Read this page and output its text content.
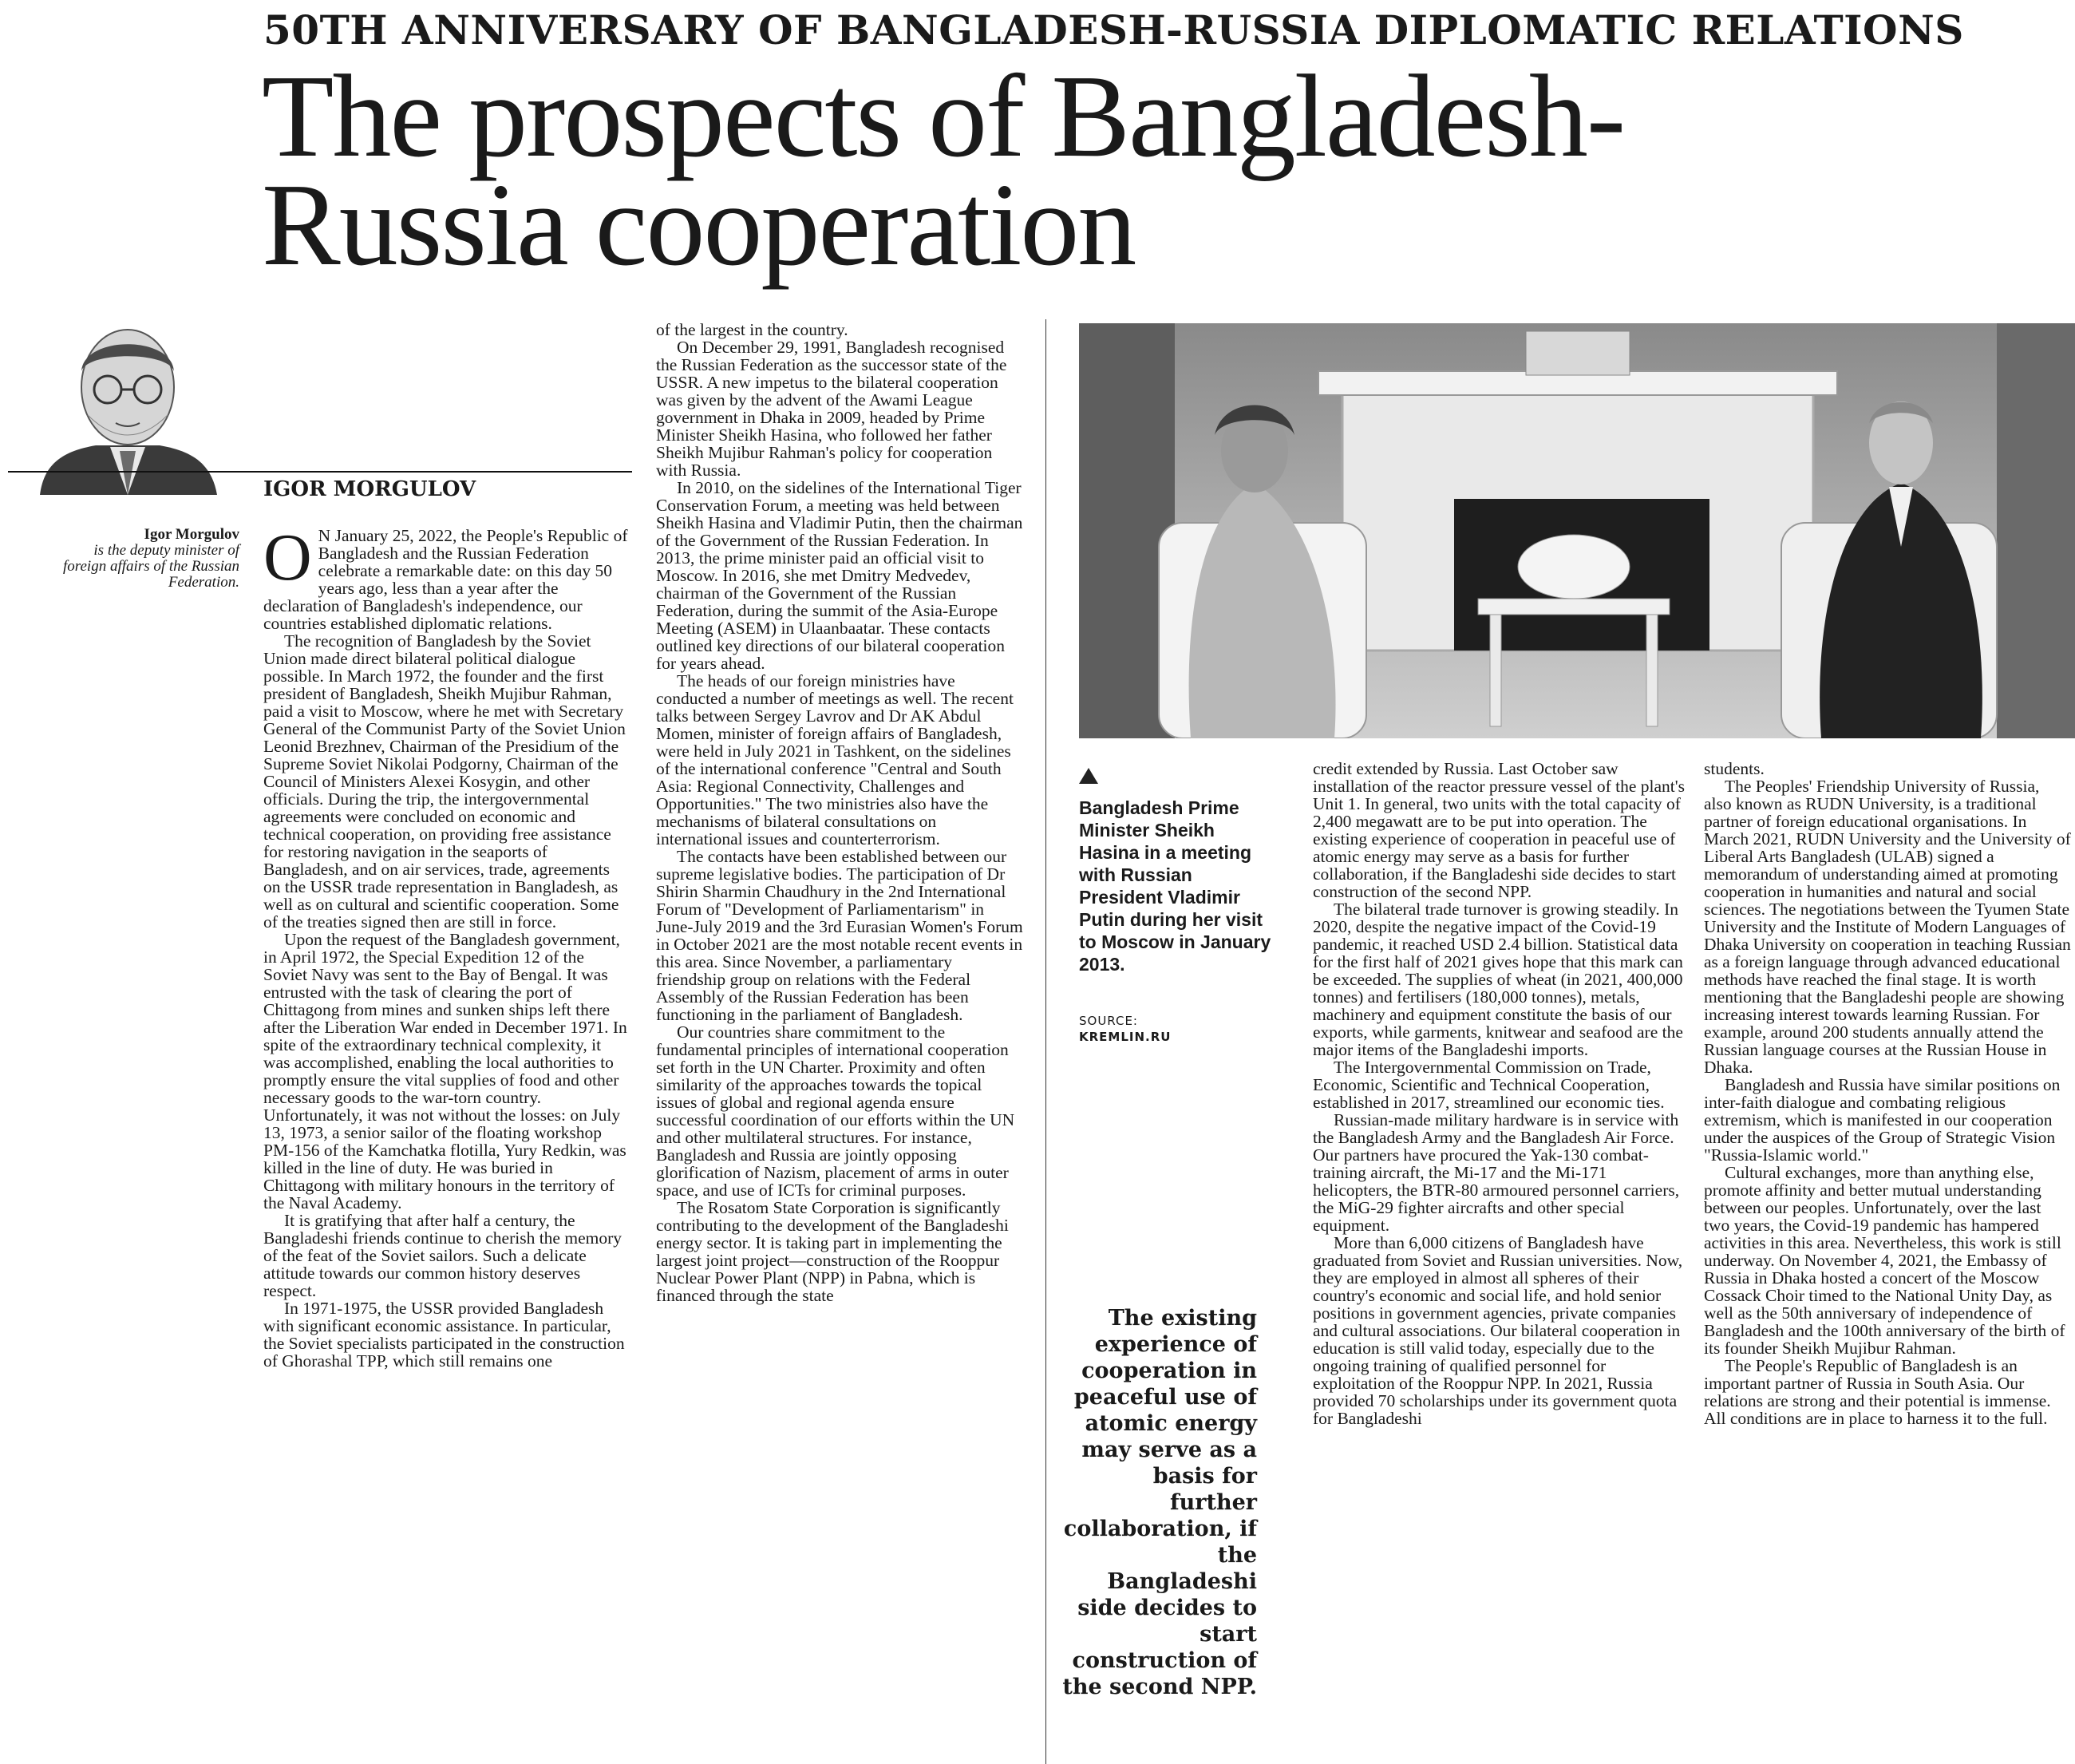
50TH ANNIVERSARY OF BANGLADESH-RUSSIA DIPLOMATIC RELATIONS
The prospects of Bangladesh-Russia cooperation
IGOR MORGULOV
Igor Morgulov
is the deputy minister of foreign affairs of the Russian Federation. O N January 25, 2022, the People's Republic of Bangladesh and the Russian Federation celebrate a remarkable date: on this day 50 years ago, less than a year after the declaration of Bangladesh's independence, our countries established diplomatic relations.

The recognition of Bangladesh by the Soviet Union made direct bilateral political dialogue possible. In March 1972, the founder and the first president of Bangladesh, Sheikh Mujibur Rahman, paid a visit to Moscow, where he met with Secretary General of the Communist Party of the Soviet Union Leonid Brezhnev, Chairman of the Presidium of the Supreme Soviet Nikolai Podgorny, Chairman of the Council of Ministers Alexei Kosygin, and other officials. During the trip, the intergovernmental agreements were concluded on economic and technical cooperation, on providing free assistance for restoring navigation in the seaports of Bangladesh, and on air services, trade, agreements on the USSR trade representation in Bangladesh, as well as on cultural and scientific cooperation. Some of the treaties signed then are still in force.

Upon the request of the Bangladesh government, in April 1972, the Special Expedition 12 of the Soviet Navy was sent to the Bay of Bengal. It was entrusted with the task of clearing the port of Chittagong from mines and sunken ships left there after the Liberation War ended in December 1971. In spite of the extraordinary technical complexity, it was accomplished, enabling the local authorities to promptly ensure the vital supplies of food and other necessary goods to the war-torn country. Unfortunately, it was not without the losses: on July 13, 1973, a senior sailor of the floating workshop PM-156 of the Kamchatka flotilla, Yury Redkin, was killed in the line of duty. He was buried in Chittagong with military honours in the territory of the Naval Academy.

It is gratifying that after half a century, the Bangladeshi friends continue to cherish the memory of the feat of the Soviet sailors. Such a delicate attitude towards our common history deserves respect.

In 1971-1975, the USSR provided Bangladesh with significant economic assistance. In particular, the Soviet specialists participated in the construction of Ghorashal TPP, which still remains one

of the largest in the country.

On December 29, 1991, Bangladesh recognised the Russian Federation as the successor state of the USSR. A new impetus to the bilateral cooperation was given by the advent of the Awami League government in Dhaka in 2009, headed by Prime Minister Sheikh Hasina, who followed her father Sheikh Mujibur Rahman's policy for cooperation with Russia.

In 2010, on the sidelines of the International Tiger Conservation Forum, a meeting was held between Sheikh Hasina and Vladimir Putin, then the chairman of the Government of the Russian Federation. In 2013, the prime minister paid an official visit to Moscow. In 2016, she met Dmitry Medvedev, chairman of the Government of the Russian Federation, during the summit of the Asia-Europe Meeting (ASEM) in Ulaanbaatar. These contacts outlined key directions of our bilateral cooperation for years ahead.

The heads of our foreign ministries have conducted a number of meetings as well. The recent talks between Sergey Lavrov and Dr AK Abdul Momen, minister of foreign affairs of Bangladesh, were held in July 2021 in Tashkent, on the sidelines of the international conference "Central and South Asia: Regional Connectivity, Challenges and Opportunities." The two ministries also have the mechanisms of bilateral consultations on international issues and counterterrorism.

The contacts have been established between our supreme legislative bodies. The participation of Dr Shirin Sharmin Chaudhury in the 2nd International Forum of "Development of Parliamentarism" in June-July 2019 and the 3rd Eurasian Women's Forum in October 2021 are the most notable recent events in this area. Since November, a parliamentary friendship group on relations with the Federal Assembly of the Russian Federation has been functioning in the parliament of Bangladesh.

Our countries share commitment to the fundamental principles of international cooperation set forth in the UN Charter. Proximity and often similarity of the approaches towards the topical issues of global and regional agenda ensure successful coordination of our efforts within the UN and other multilateral structures. For instance, Bangladesh and Russia are jointly opposing glorification of Nazism, placement of arms in outer space, and use of ICTs for criminal purposes.

The Rosatom State Corporation is significantly contributing to the development of the Bangladeshi energy sector. It is taking part in implementing the largest joint project—construction of the Rooppur Nuclear Power Plant (NPP) in Pabna, which is financed through the state

Bangladesh Prime Minister Sheikh Hasina in a meeting with Russian President Vladimir Putin during her visit to Moscow in January 2013.
SOURCE:
KREMLIN.RU
The existing experience of cooperation in peaceful use of atomic energy may serve as a basis for further collaboration, if the Bangladeshi side decides to start construction of the second NPP.

credit extended by Russia. Last October saw installation of the reactor pressure vessel of the plant's Unit 1. In general, two units with the total capacity of 2,400 megawatt are to be put into operation. The existing experience of cooperation in peaceful use of atomic energy may serve as a basis for further collaboration, if the Bangladeshi side decides to start construction of the second NPP.

The bilateral trade turnover is growing steadily. In 2020, despite the negative impact of the Covid-19 pandemic, it reached USD 2.4 billion. Statistical data for the first half of 2021 gives hope that this mark can be exceeded. The supplies of wheat (in 2021, 400,000 tonnes) and fertilisers (180,000 tonnes), metals, machinery and equipment constitute the basis of our exports, while garments, knitwear and seafood are the major items of the Bangladeshi imports.

The Intergovernmental Commission on Trade, Economic, Scientific and Technical Cooperation, established in 2017, streamlined our economic ties.

Russian-made military hardware is in service with the Bangladesh Army and the Bangladesh Air Force. Our partners have procured the Yak-130 combat-training aircraft, the Mi-17 and the Mi-171 helicopters, the BTR-80 armoured personnel carriers, the MiG-29 fighter aircrafts and other special equipment.

More than 6,000 citizens of Bangladesh have graduated from Soviet and Russian universities. Now, they are employed in almost all spheres of their country's economic and social life, and hold senior positions in government agencies, private companies and cultural associations. Our bilateral cooperation in education is still valid today, especially due to the ongoing training of qualified personnel for exploitation of the Rooppur NPP. In 2021, Russia provided 70 scholarships under its government quota for Bangladeshi

students.

The Peoples' Friendship University of Russia, also known as RUDN University, is a traditional partner of foreign educational organisations. In March 2021, RUDN University and the University of Liberal Arts Bangladesh (ULAB) signed a memorandum of understanding aimed at promoting cooperation in humanities and natural and social sciences. The negotiations between the Tyumen State University and the Institute of Modern Languages of Dhaka University on cooperation in teaching Russian as a foreign language through advanced educational methods have reached the final stage. It is worth mentioning that the Bangladeshi people are showing increasing interest towards learning Russian. For example, around 200 students annually attend the Russian language courses at the Russian House in Dhaka.

Bangladesh and Russia have similar positions on inter-faith dialogue and combating religious extremism, which is manifested in our cooperation under the auspices of the Group of Strategic Vision "Russia-Islamic world."

Cultural exchanges, more than anything else, promote affinity and better mutual understanding between our peoples. Unfortunately, over the last two years, the Covid-19 pandemic has hampered activities in this area. Nevertheless, this work is still underway. On November 4, 2021, the Embassy of Russia in Dhaka hosted a concert of the Moscow Cossack Choir timed to the National Unity Day, as well as the 50th anniversary of independence of Bangladesh and the 100th anniversary of the birth of its founder Sheikh Mujibur Rahman.

The People's Republic of Bangladesh is an important partner of Russia in South Asia. Our relations are strong and their potential is immense. All conditions are in place to harness it to the full.
